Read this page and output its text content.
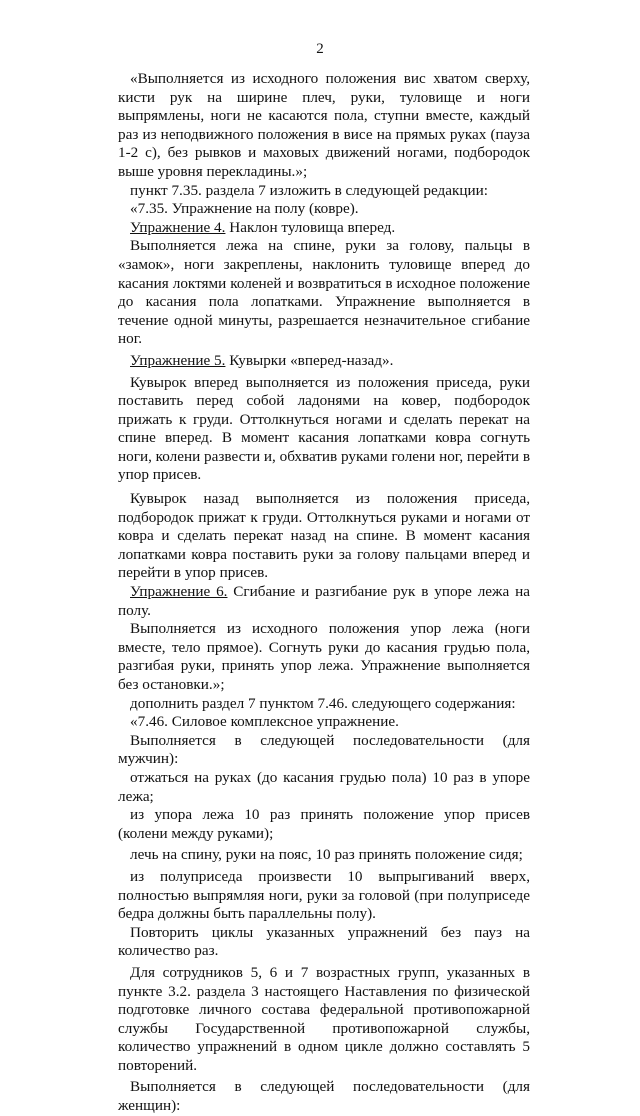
2

«Выполняется из исходного положения вис хватом сверху, кисти рук на ширине плеч, руки, туловище и ноги выпрямлены, ноги не касаются пола, ступни вместе, каждый раз из неподвижного положения в висе на прямых руках (пауза 1-2 с), без рывков и маховых движений ногами, подбородок выше уровня перекладины.»;

пункт 7.35. раздела 7 изложить в следующей редакции:

«7.35. Упражнение на полу (ковре).

Упражнение 4. Наклон туловища вперед.

Выполняется лежа на спине, руки за голову, пальцы в «замок», ноги закреплены, наклонить туловище вперед до касания локтями коленей и возвратиться в исходное положение до касания пола лопатками. Упражнение выполняется в течение одной минуты, разрешается незначительное сгибание ног.

Упражнение 5. Кувырки «вперед-назад».

Кувырок вперед выполняется из положения приседа, руки поставить перед собой ладонями на ковер, подбородок прижать к груди. Оттолкнуться ногами и сделать перекат на спине вперед. В момент касания лопатками ковра согнуть ноги, колени развести и, обхватив руками голени ног, перейти в упор присев.

Кувырок назад выполняется из положения приседа, подбородок прижат к груди. Оттолкнуться руками и ногами от ковра и сделать перекат назад на спине. В момент касания лопатками ковра поставить руки за голову пальцами вперед и перейти в упор присев.

Упражнение 6. Сгибание и разгибание рук в упоре лежа на полу.

Выполняется из исходного положения упор лежа (ноги вместе, тело прямое). Согнуть руки до касания грудью пола, разгибая руки, принять упор лежа. Упражнение выполняется без остановки.»;

дополнить раздел 7 пунктом 7.46. следующего содержания:

«7.46. Силовое комплексное упражнение.

Выполняется в следующей последовательности (для мужчин):

отжаться на руках (до касания грудью пола) 10 раз в упоре лежа;

из упора лежа 10 раз принять положение упор присев (колени между руками);

лечь на спину, руки на пояс, 10 раз принять положение сидя;

из полуприседа произвести 10 выпрыгиваний вверх, полностью выпрямляя ноги, руки за головой (при полуприседе бедра должны быть параллельны полу).

Повторить циклы указанных упражнений без пауз на количество раз.

Для сотрудников 5, 6 и 7 возрастных групп, указанных в пункте 3.2. раздела 3 настоящего Наставления по физической подготовке личного состава федеральной противопожарной службы Государственной противопожарной службы, количество упражнений в одном цикле должно составлять 5 повторений.

Выполняется в следующей последовательности (для женщин):
